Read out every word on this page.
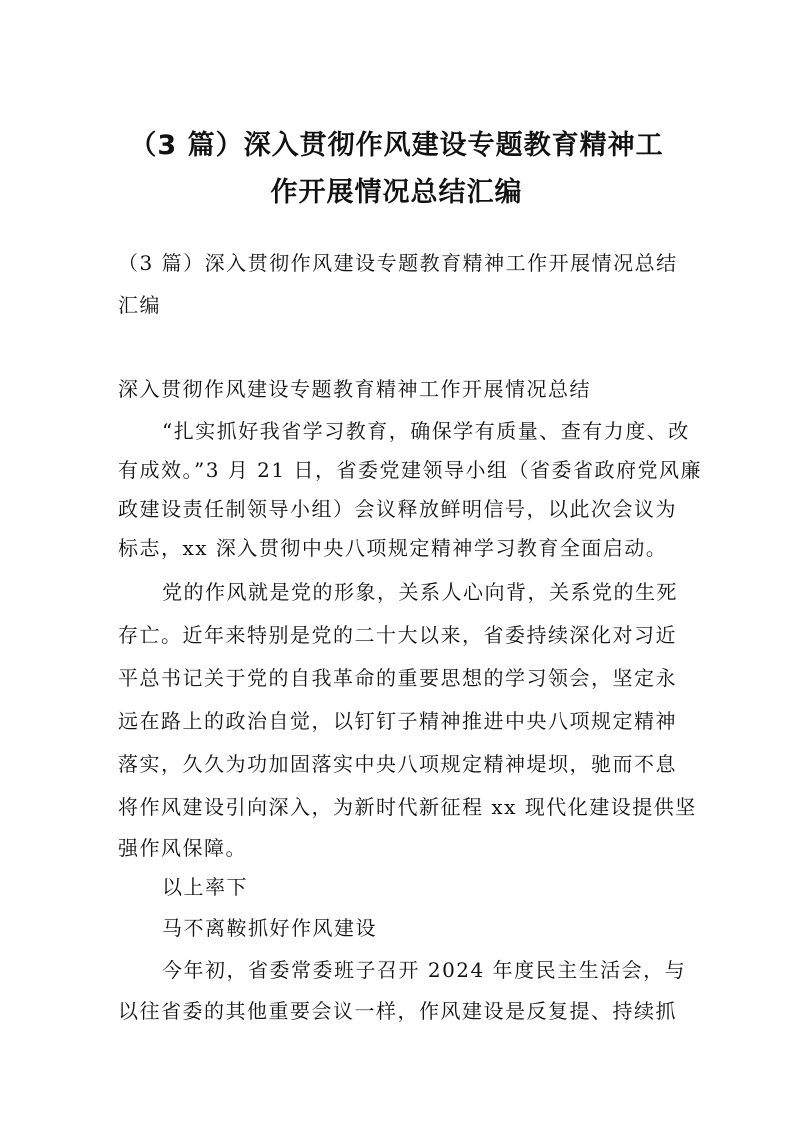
（3 篇）深入贯彻作风建设专题教育精神工
作开展情况总结汇编
（3 篇）深入贯彻作风建设专题教育精神工作开展情况总结
汇编
深入贯彻作风建设专题教育精神工作开展情况总结
“扎实抓好我省学习教育，确保学有质量、查有力度、改
有成效。”3 月 21 日，省委党建领导小组（省委省政府党风廉
政建设责任制领导小组）会议释放鲜明信号，以此次会议为
标志，xx 深入贯彻中央八项规定精神学习教育全面启动。
党的作风就是党的形象，关系人心向背，关系党的生死
存亡。近年来特别是党的二十大以来，省委持续深化对习近
平总书记关于党的自我革命的重要思想的学习领会，坚定永
远在路上的政治自觉，以钉钉子精神推进中央八项规定精神
落实，久久为功加固落实中央八项规定精神堤坝，驰而不息
将作风建设引向深入，为新时代新征程 xx 现代化建设提供坚
强作风保障。
以上率下
马不离鞍抓好作风建设
今年初，省委常委班子召开 2024 年度民主生活会，与
以往省委的其他重要会议一样，作风建设是反复提、持续抓
